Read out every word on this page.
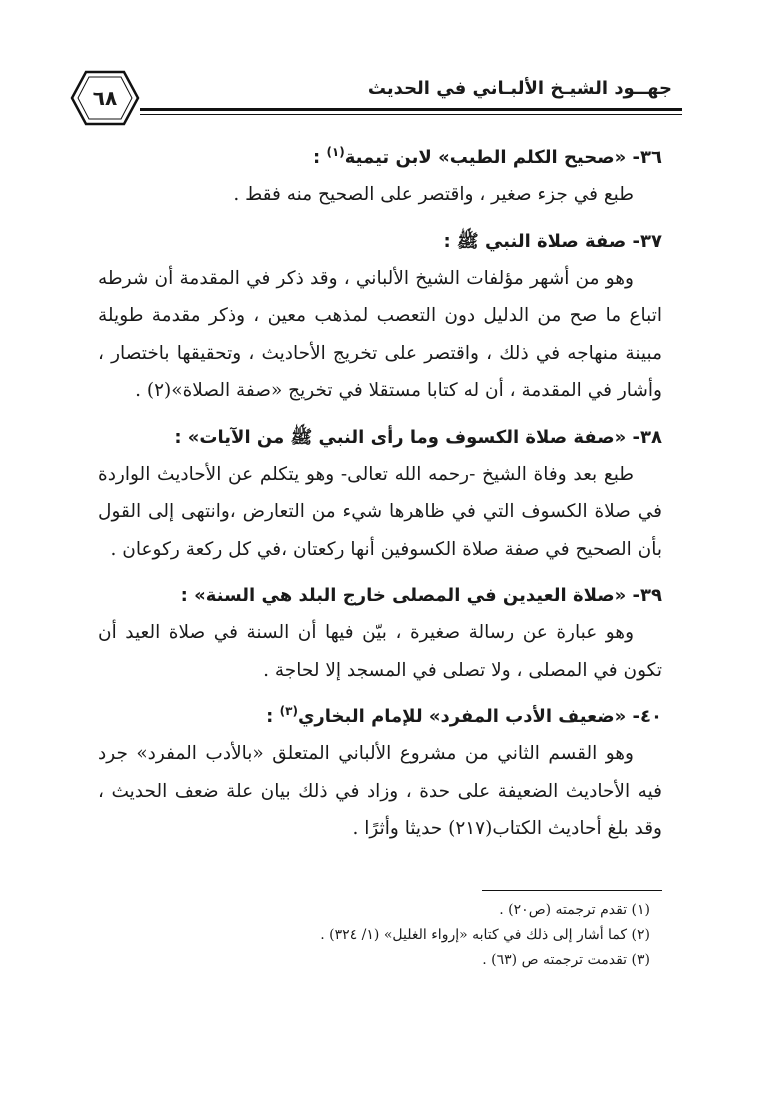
٦٨	جهــود الشيـخ الألبـاني في الحديث
٣٦- «صحيح الكلم الطيب» لابن تيمية$^{(١)}$ :

طبع في جزء صغير ، واقتصر على الصحيح منه فقط .

٣٧- صفة صلاة النبي ﷺ :

وهو من أشهر مؤلفات الشيخ الألباني ، وقد ذكر في المقدمة أن شرطه اتباع ما صح من الدليل دون التعصب لمذهب معين ، وذكر مقدمة طويلة مبينة منهاجه في ذلك ، واقتصر على تخريج الأحاديث ، وتحقيقها باختصار ، وأشار في المقدمة ، أن له كتابا مستقلا في تخريج «صفة الصلاة»(٢) .

٣٨- «صفة صلاة الكسوف وما رأى النبي ﷺ من الآيات» :

طبع بعد وفاة الشيخ -رحمه الله تعالى- وهو يتكلم عن الأحاديث الواردة في صلاة الكسوف التي في ظاهرها شيء من التعارض ،وانتهى إلى القول بأن الصحيح في صفة صلاة الكسوفين أنها ركعتان ،في كل ركعة ركوعان .

٣٩- «صلاة العيدين في المصلى خارج البلد هي السنة» :

وهو عبارة عن رسالة صغيرة ، بيّن فيها أن السنة في صلاة العيد أن تكون في المصلى ، ولا تصلى في المسجد إلا لحاجة .

٤٠- «ضعيف الأدب المفرد» للإمام البخاري$^{(٣)}$ :

وهو القسم الثاني من مشروع الألباني المتعلق «بالأدب المفرد» جرد فيه الأحاديث الضعيفة على حدة ، وزاد في ذلك بيان علة ضعف الحديث ، وقد بلغ أحاديث الكتاب(٢١٧) حديثا وأثرًا .

(١) تقدم ترجمته (ص٢٠) .
(٢) كما أشار إلى ذلك في كتابه «إرواء الغليل» (١/ ٣٢٤) .
(٣) تقدمت ترجمته ص (٦٣) .
